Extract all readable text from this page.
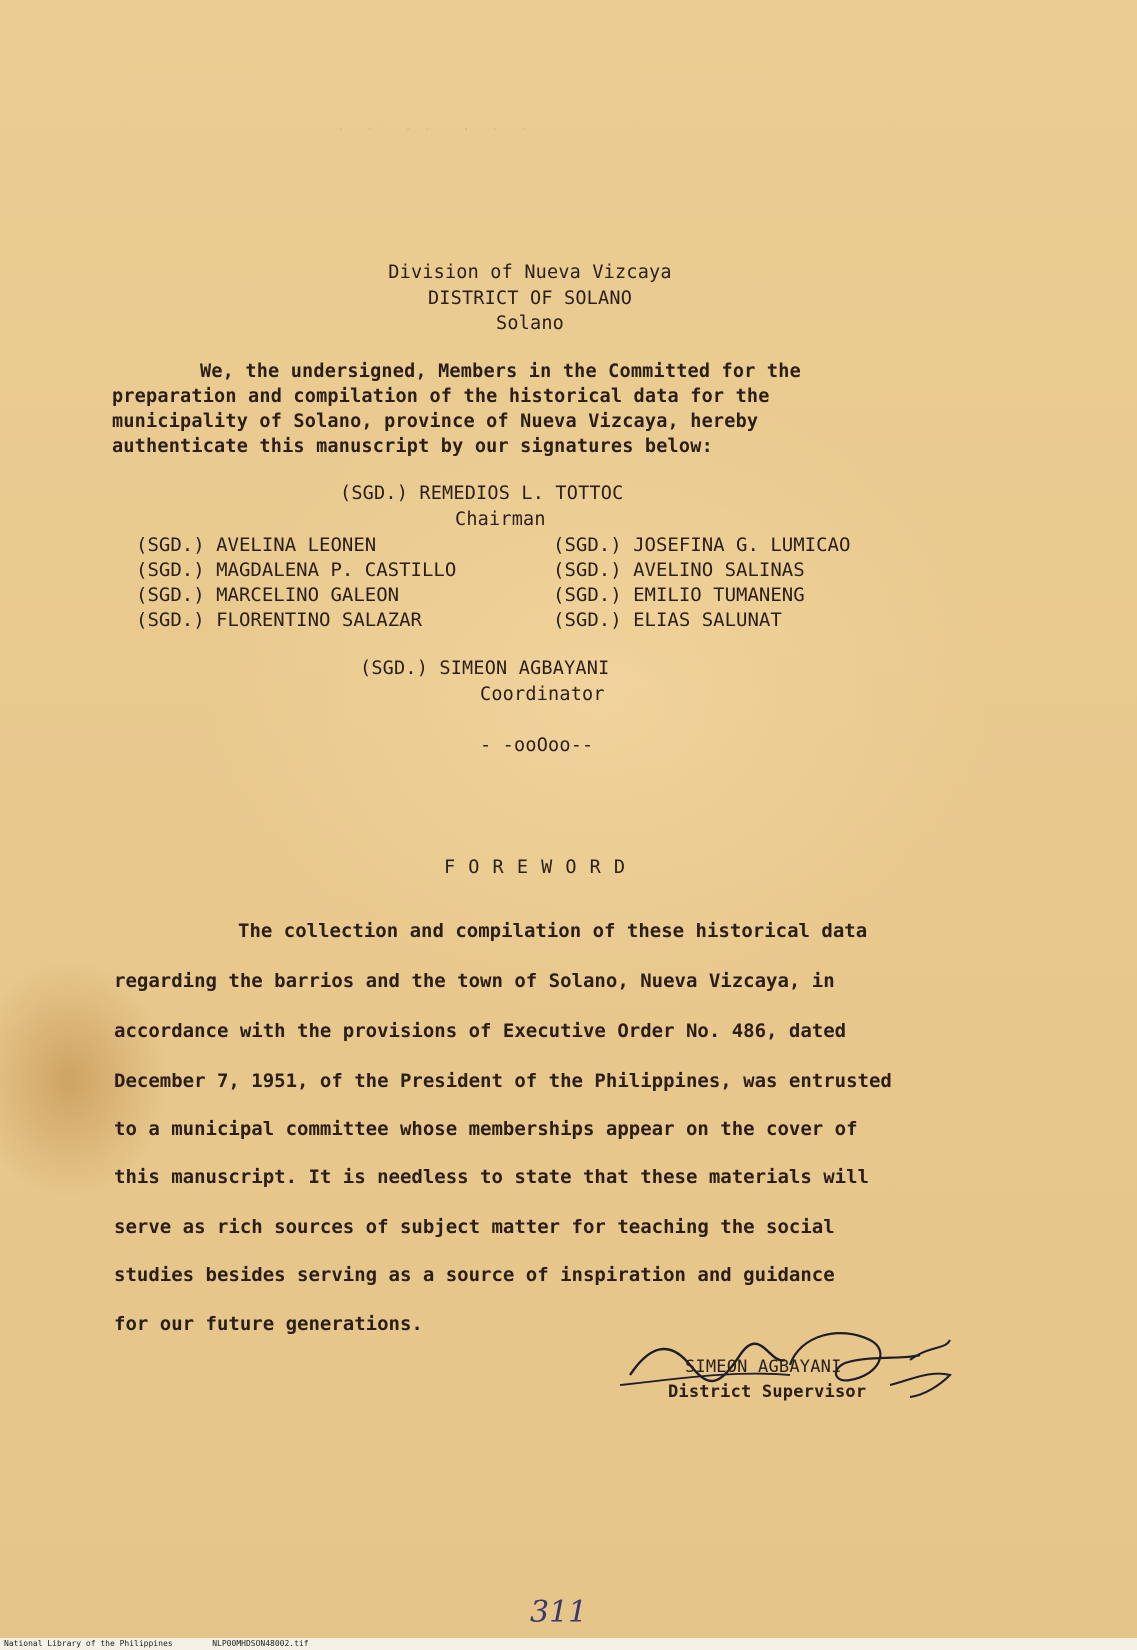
·  ·   · ·   ·  ·  ·
Division of Nueva Vizcaya
DISTRICT OF SOLANO
Solano
We, the undersigned, Members in the Committed for the
preparation and compilation of the historical data for the
municipality of Solano, province of Nueva Vizcaya, hereby
authenticate this manuscript by our signatures below:
(SGD.) REMEDIOS L. TOTTOC
Chairman
(SGD.) AVELINA LEONEN
(SGD.) MAGDALENA P. CASTILLO
(SGD.) MARCELINO GALEON
(SGD.) FLORENTINO SALAZAR
(SGD.) JOSEFINA G. LUMICAO
(SGD.) AVELINO SALINAS
(SGD.) EMILIO TUMANENG
(SGD.) ELIAS SALUNAT
(SGD.) SIMEON AGBAYANI
Coordinator
- -ooOoo--
F O R E W O R D
The collection and compilation of these historical data
regarding the barrios and the town of Solano, Nueva Vizcaya, in
accordance with the provisions of Executive Order No. 486, dated
December 7, 1951, of the President of the Philippines, was entrusted
to a municipal committee whose memberships appear on the cover of
this manuscript. It is needless to state that these materials will
serve as rich sources of subject matter for teaching the social
studies besides serving as a source of inspiration and guidance
for our future generations.
SIMEON AGBAYANI
District Supervisor
311
National Library of the Philippines	NLP00MHDSON48002.tif
